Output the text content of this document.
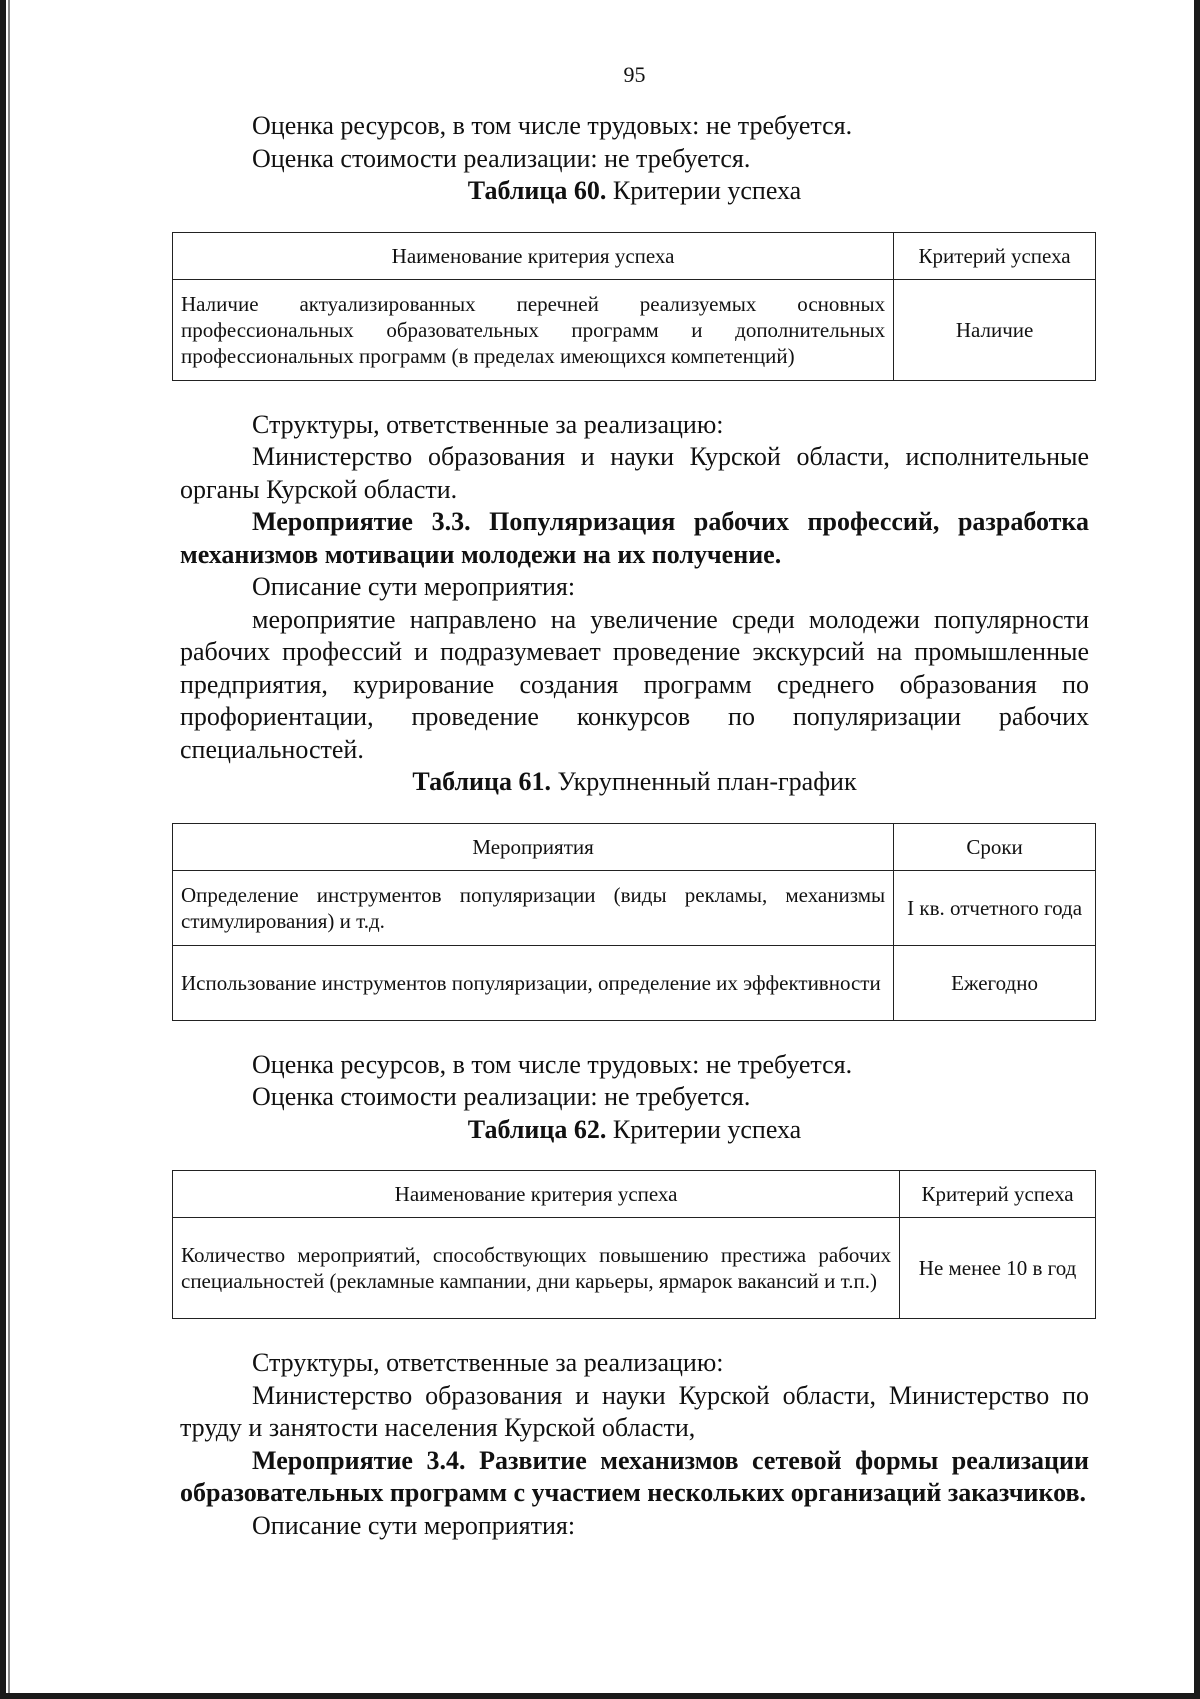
95

Оценка ресурсов, в том числе трудовых: не требуется.

Оценка стоимости реализации: не требуется.

Таблица 60. Критерии успеха

Наименование критерия успеха	Критерий успеха
Наличие актуализированных перечней реализуемых основных профессиональных образовательных программ и дополнительных профессиональных программ (в пределах имеющихся компетенций)	Наличие

Структуры, ответственные за реализацию:

Министерство образования и науки Курской области, исполнительные органы Курской области.

Мероприятие 3.3. Популяризация рабочих профессий, разработка механизмов мотивации молодежи на их получение.

Описание сути мероприятия:

мероприятие направлено на увеличение среди молодежи популярности рабочих профессий и подразумевает проведение экскурсий на промышленные предприятия, курирование создания программ среднего образования по профориентации, проведение конкурсов по популяризации рабочих специальностей.

Таблица 61. Укрупненный план-график

Мероприятия	Сроки
Определение инструментов популяризации (виды рекламы, механизмы стимулирования) и т.д.	I кв. отчетного года
Использование инструментов популяризации, определение их эффективности	Ежегодно

Оценка ресурсов, в том числе трудовых: не требуется.

Оценка стоимости реализации: не требуется.

Таблица 62. Критерии успеха

Наименование критерия успеха	Критерий успеха
Количество мероприятий, способствующих повышению престижа рабочих специальностей (рекламные кампании, дни карьеры, ярмарок вакансий и т.п.)	Не менее 10 в год

Структуры, ответственные за реализацию:

Министерство образования и науки Курской области, Министерство по труду и занятости населения Курской области,

Мероприятие 3.4. Развитие механизмов сетевой формы реализации образовательных программ с участием нескольких организаций заказчиков.

Описание сути мероприятия:
